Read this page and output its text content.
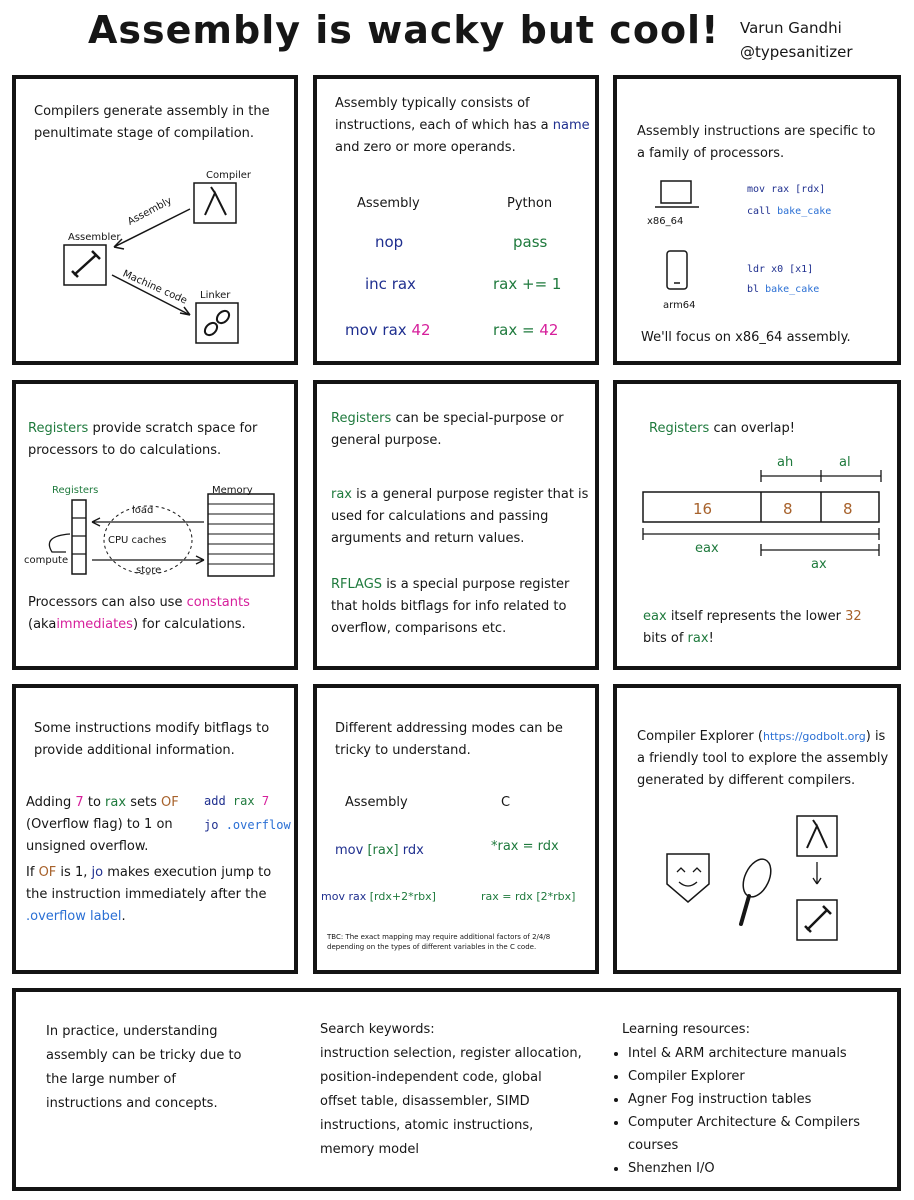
Assembly is wacky but cool! Varun Gandhi
@typesanitizer
Compilers generate assembly in the penultimate stage of compilation.
Compiler
Assembler
Linker
Assembly
Machine code
Assembly typically consists of instructions, each of which has a name and zero or more operands.
Assembly	Python
nop	pass
inc rax	rax += 1
mov rax 42	rax = 42
Assembly instructions are specific to a family of processors.
x86_64
mov rax [rdx]
call bake_cake
arm64
ldr x0 [x1]
bl bake_cake
We'll focus on x86_64 assembly.
Registers provide scratch space for processors to do calculations.
Registers	Memory
compute
load
store
CPU caches
Processors can also use constants (akaimmediates) for calculations.
Registers can be special-purpose or general purpose.
rax is a general purpose register that is used for calculations and passing arguments and return values.
RFLAGS is a special purpose register that holds bitflags for info related to overflow, comparisons etc.
Registers can overlap!
ah	al
16	8	8
eax
ax
eax itself represents the lower 32 bits of rax!
Some instructions modify bitflags to provide additional information.
Adding 7 to rax sets OF (Overflow flag) to 1 on unsigned overflow.
add rax 7
jo .overflow
If OF is 1, jo makes execution jump to the instruction immediately after the .overflow label.
Different addressing modes can be tricky to understand.
Assembly	C
mov [rax] rdx	*rax = rdx
mov rax [rdx+2*rbx]	rax = rdx [2*rbx]
TBC: The exact mapping may require additional factors of 2/4/8 depending on the types of different variables in the C code.
Compiler Explorer (https://godbolt.org) is a friendly tool to explore the assembly generated by different compilers.
In practice, understanding assembly can be tricky due to the large number of instructions and concepts.
Search keywords:
instruction selection, register allocation, position-independent code, global offset table, disassembler, SIMD instructions, atomic instructions, memory model
Learning resources:
• Intel & ARM architecture manuals
• Compiler Explorer
• Agner Fog instruction tables
• Computer Architecture & Compilers courses
• Shenzhen I/O
